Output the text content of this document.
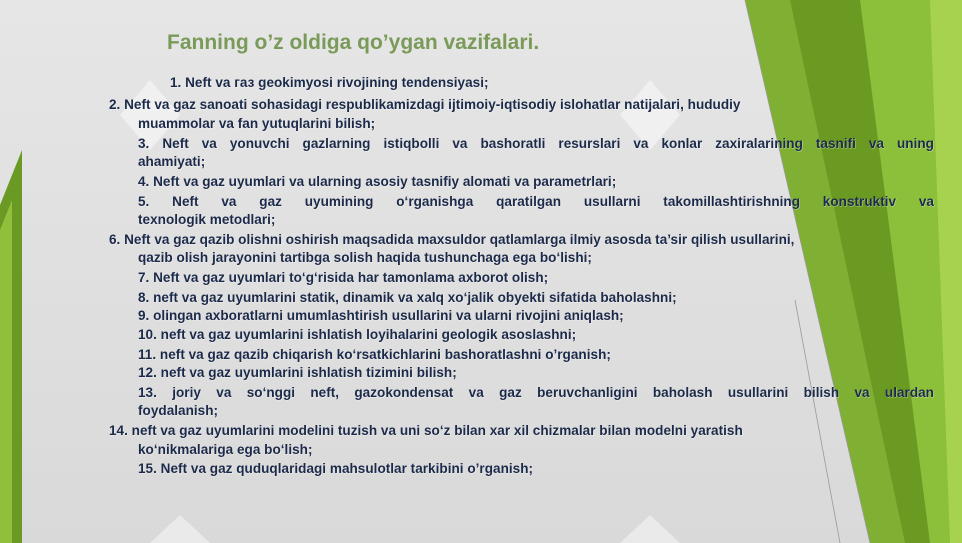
Fanning o’z oldiga qo’ygan vazifalari.
1. Neft va газ geokimyosi rivojining tendensiyasi;
2. Neft va gaz sanoati sohasidagi respublikamizdagi ijtimoiy-iqtisodiy islohatlar natijalari, hududiy
muammolar va fan yutuqlarini bilish;
3. Neft va yonuvchi gazlarning istiqbolli va bashoratli resurslari va konlar zaxiralarining tasnifi va uning
ahamiyati;
4. Neft va gaz uyumlari va ularning asosiy tasnifiy alomati va parametrlari;
5. Neft va gaz uyumining o‘rganishga qaratilgan usullarni takomillashtirishning konstruktiv va
texnologik metodlari;
6. Neft va gaz qazib olishni oshirish maqsadida maxsuldor qatlamlarga ilmiy asosda ta’sir qilish usullarini,
qazib olish jarayonini tartibga solish haqida tushunchaga ega bo‘lishi;
7. Neft va gaz uyumlari to‘g‘risida har tamonlama axborot olish;
8. neft va gaz uyumlarini statik, dinamik va xalq xo‘jalik obyekti sifatida baholashni;
9. olingan axboratlarni umumlashtirish usullarini va ularni rivojini aniqlash;
10. neft va gaz uyumlarini ishlatish loyihalarini geologik asoslashni;
11. neft va gaz qazib chiqarish ko‘rsatkichlarini bashoratlashni o’rganish;
12. neft va gaz uyumlarini ishlatish tizimini bilish;
13. joriy va so‘nggi neft, gazokondensat va gaz beruvchanligini baholash usullarini bilish va ulardan
foydalanish;
14. neft va gaz uyumlarini modelini tuzish va uni so‘z bilan xar xil chizmalar bilan modelni yaratish
ko‘nikmalariga ega bo‘lish;
15. Neft va gaz quduqlaridagi mahsulotlar tarkibini o’rganish;
